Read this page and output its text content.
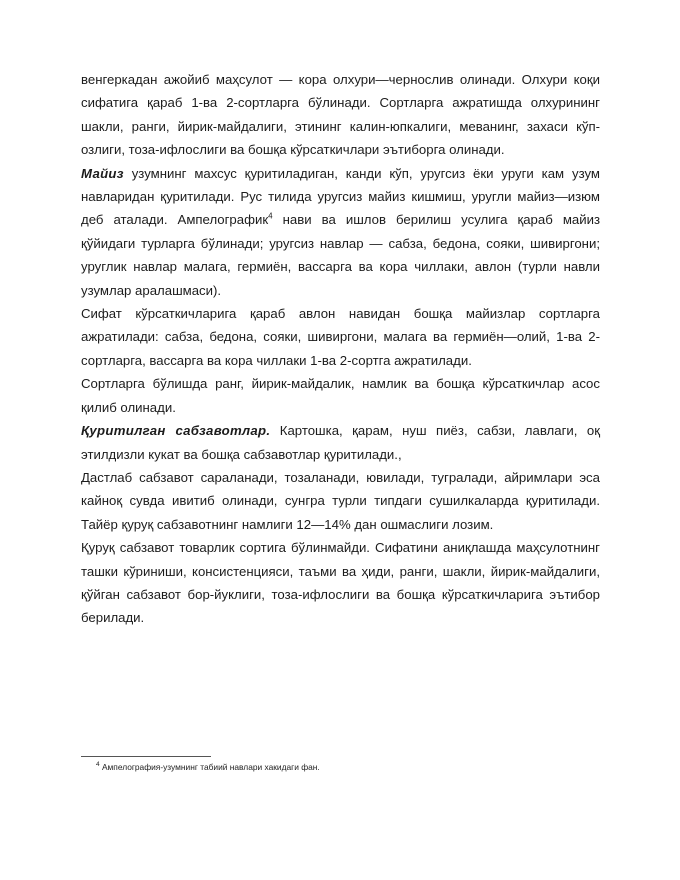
венгеркадан ажойиб маҳсулот — кора олхури—чернослив олинади. Олхури коқи сифатига қараб 1-ва 2-сортларга бўлинади. Сортларга ажратишда олхурининг шакли, ранги, йирик-майдалиги, этининг калин-юпкалиги, меванинг, захаси кўп-озлиги, тоза-ифлослиги ва бошқа кўрсаткичлари эътиборга олинади.

Майиз узумнинг махсус қуритиладиган, канди кўп, уругсиз ёки уруги кам узум навларидан қуритилади. Рус тилида уругсиз майиз кишмиш, уругли майиз—изюм деб аталади. Ампелографик$^4$ нави ва ишлов берилиш усулига қараб майиз қўйидаги турларга бўлинади; уругсиз навлар — сабза, бедона, сояки, шивиргони; уруглик навлар малага, гермиён, вассарга ва кора чиллаки, авлон (турли навли узумлар аралашмаси).

Сифат кўрсаткичларига қараб авлон навидан бошқа майизлар сортларга ажратилади: сабза, бедона, сояки, шивиргони, малага ва гермиён—олий, 1-ва 2-сортларга, вассарга ва кора чиллаки 1-ва 2-сортга ажратилади.

Сортларга бўлишда ранг, йирик-майдалик, намлик ва бошқа кўрсаткичлар асос қилиб олинади.

Қуритилган сабзавотлар. Картошка, қарам, нуш пиёз, сабзи, лавлаги, оқ этилдизли кукат ва бошқа сабзавотлар қуритилади.,

Дастлаб сабзавот сараланади, тозаланади, ювилади, тугралади, айримлари эса кайноқ сувда ивитиб олинади, сунгра турли типдаги сушилкаларда қуритилади. Тайёр қуруқ сабзавотнинг намлиги 12—14% дан ошмаслиги лозим.

Қуруқ сабзавот товарлик сортига бўлинмайди. Сифатини аниқлашда маҳсулотнинг ташки кўриниши, консистенцияси, таъми ва ҳиди, ранги, шакли, йирик-майдалиги, қўйган сабзавот бор-йуклиги, тоза-ифлослиги ва бошқа кўрсаткичларига эътибор берилади.

$^4$ Ампелография-узумнинг табиий навлари хакидаги фан.
